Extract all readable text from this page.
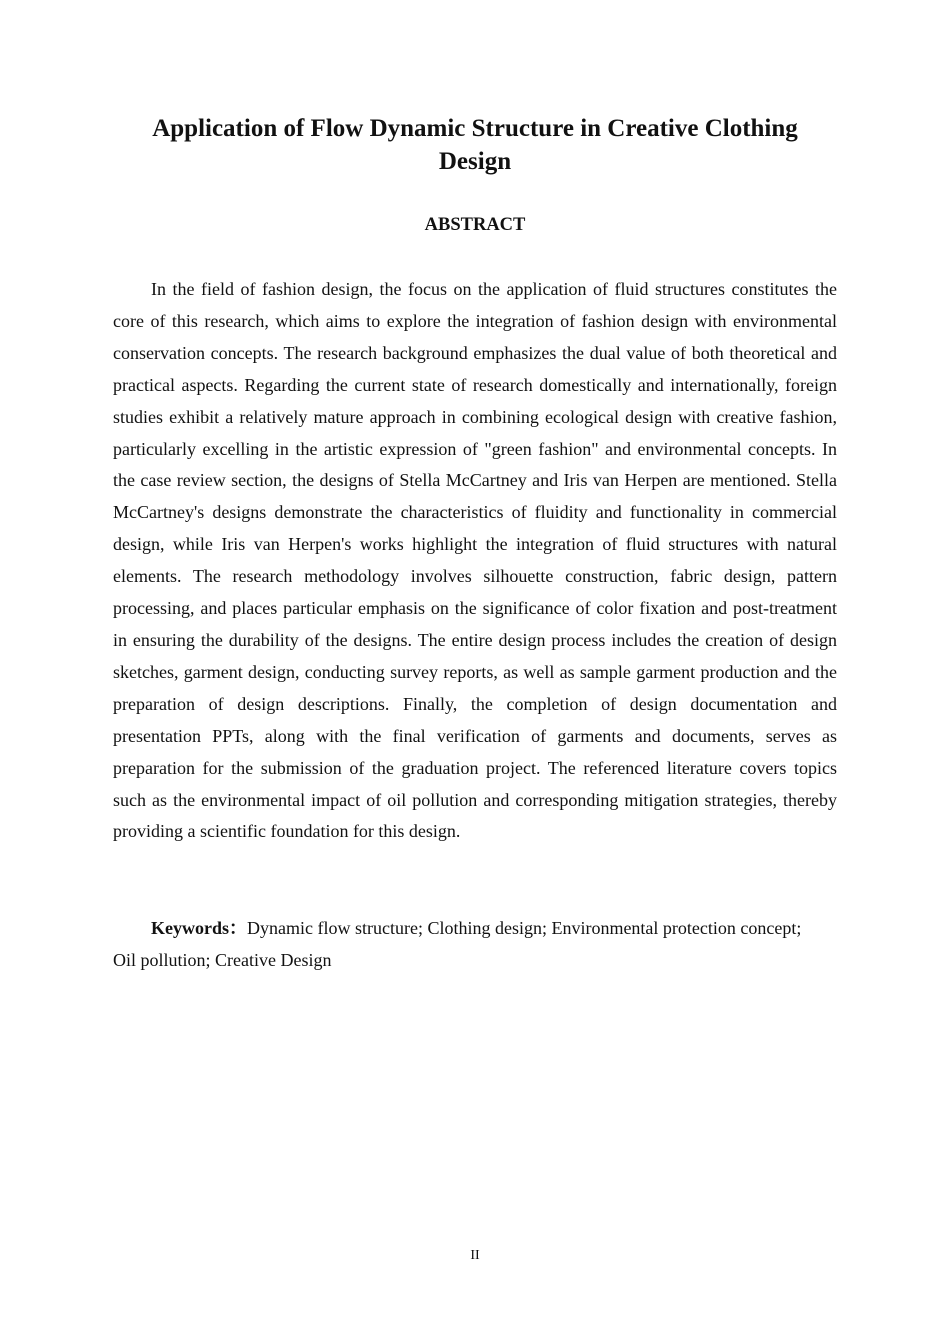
Application of Flow Dynamic Structure in Creative Clothing Design
ABSTRACT

In the field of fashion design, the focus on the application of fluid structures constitutes the core of this research, which aims to explore the integration of fashion design with environmental conservation concepts. The research background emphasizes the dual value of both theoretical and practical aspects. Regarding the current state of research domestically and internationally, foreign studies exhibit a relatively mature approach in combining ecological design with creative fashion, particularly excelling in the artistic expression of "green fashion" and environmental concepts. In the case review section, the designs of Stella McCartney and Iris van Herpen are mentioned. Stella McCartney's designs demonstrate the characteristics of fluidity and functionality in commercial design, while Iris van Herpen's works highlight the integration of fluid structures with natural elements. The research methodology involves silhouette construction, fabric design, pattern processing, and places particular emphasis on the significance of color fixation and post-treatment in ensuring the durability of the designs. The entire design process includes the creation of design sketches, garment design, conducting survey reports, as well as sample garment production and the preparation of design descriptions. Finally, the completion of design documentation and presentation PPTs, along with the final verification of garments and documents, serves as preparation for the submission of the graduation project. The referenced literature covers topics such as the environmental impact of oil pollution and corresponding mitigation strategies, thereby providing a scientific foundation for this design.

Keywords：Dynamic flow structure; Clothing design; Environmental protection concept; Oil pollution; Creative Design

II
